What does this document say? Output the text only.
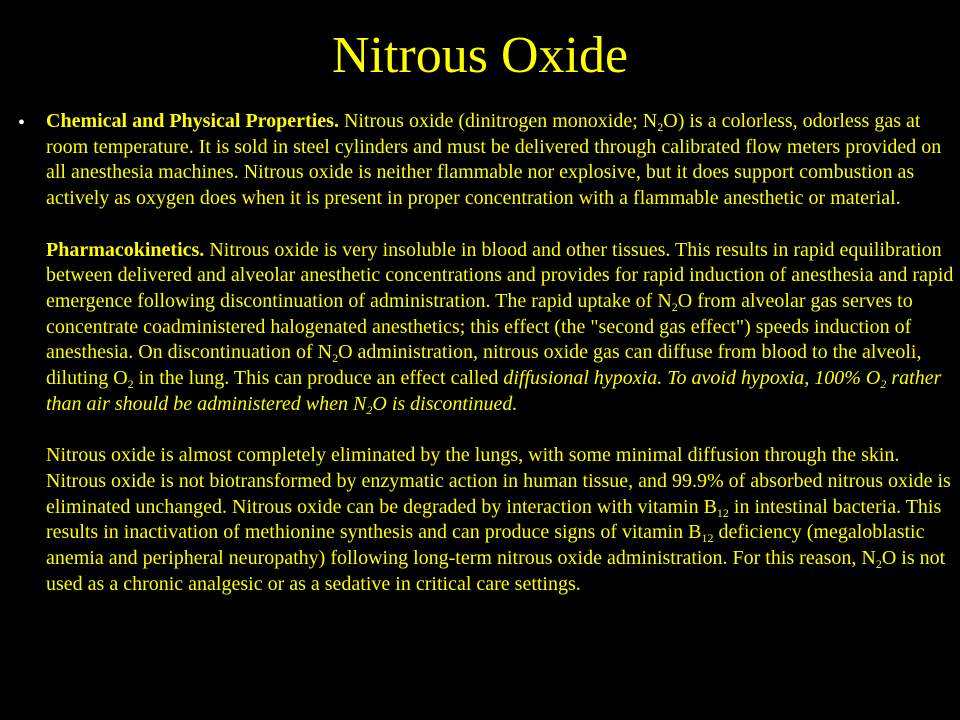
Nitrous Oxide
• Chemical and Physical Properties. Nitrous oxide (dinitrogen monoxide; $N_2O$) is a colorless, odorless gas at room temperature. It is sold in steel cylinders and must be delivered through calibrated flow meters provided on all anesthesia machines. Nitrous oxide is neither flammable nor explosive, but it does support combustion as actively as oxygen does when it is present in proper concentration with a flammable anesthetic or material.

Pharmacokinetics. Nitrous oxide is very insoluble in blood and other tissues. This results in rapid equilibration between delivered and alveolar anesthetic concentrations and provides for rapid induction of anesthesia and rapid emergence following discontinuation of administration. The rapid uptake of $N_2O$ from alveolar gas serves to concentrate coadministered halogenated anesthetics; this effect (the "second gas effect") speeds induction of anesthesia. On discontinuation of $N_2O$ administration, nitrous oxide gas can diffuse from blood to the alveoli, diluting $O_2$ in the lung. This can produce an effect called diffusional hypoxia. To avoid hypoxia, 100% $O_2$ rather than air should be administered when $N_2O$ is discontinued.

Nitrous oxide is almost completely eliminated by the lungs, with some minimal diffusion through the skin. Nitrous oxide is not biotransformed by enzymatic action in human tissue, and 99.9% of absorbed nitrous oxide is eliminated unchanged. Nitrous oxide can be degraded by interaction with vitamin $B_{12}$ in intestinal bacteria. This results in inactivation of methionine synthesis and can produce signs of vitamin $B_{12}$ deficiency (megaloblastic anemia and peripheral neuropathy) following long-term nitrous oxide administration. For this reason, $N_2O$ is not used as a chronic analgesic or as a sedative in critical care settings.
